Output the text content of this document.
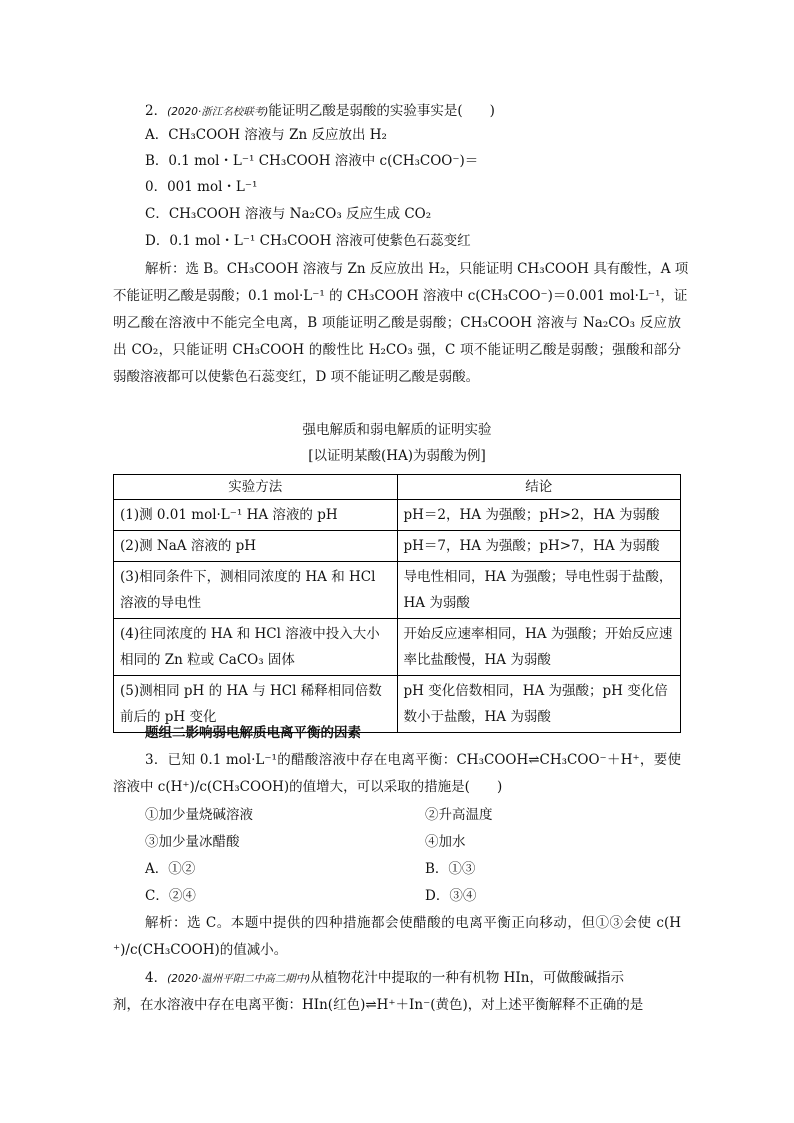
2．(2020·浙江名校联考)能证明乙酸是弱酸的实验事实是(　　)
A．CH₃COOH 溶液与 Zn 反应放出 H₂
B．0.1 mol・L⁻¹ CH₃COOH 溶液中 c(CH₃COO⁻)＝
0．001 mol・L⁻¹
C．CH₃COOH 溶液与 Na₂CO₃ 反应生成 CO₂
D．0.1 mol・L⁻¹ CH₃COOH 溶液可使紫色石蕊变红
解析：选 B。CH₃COOH 溶液与 Zn 反应放出 H₂，只能证明 CH₃COOH 具有酸性，A 项
不能证明乙酸是弱酸；0.1 mol·L⁻¹ 的 CH₃COOH 溶液中 c(CH₃COO⁻)＝0.001 mol·L⁻¹，证
明乙酸在溶液中不能完全电离，B 项能证明乙酸是弱酸；CH₃COOH 溶液与 Na₂CO₃ 反应放
出 CO₂，只能证明 CH₃COOH 的酸性比 H₂CO₃ 强，C 项不能证明乙酸是弱酸；强酸和部分
弱酸溶液都可以使紫色石蕊变红，D 项不能证明乙酸是弱酸。
强电解质和弱电解质的证明实验
[以证明某酸(HA)为弱酸为例]
实验方法	结论
(1)测 0.01 mol·L⁻¹ HA 溶液的 pH	pH＝2，HA 为强酸；pH>2，HA 为弱酸
(2)测 NaA 溶液的 pH	pH＝7，HA 为强酸；pH>7，HA 为弱酸
(3)相同条件下，测相同浓度的 HA 和 HCl 溶液的导电性	导电性相同，HA 为强酸；导电性弱于盐酸，HA 为弱酸
(4)往同浓度的 HA 和 HCl 溶液中投入大小相同的 Zn 粒或 CaCO₃ 固体	开始反应速率相同，HA 为强酸；开始反应速率比盐酸慢，HA 为弱酸
(5)测相同 pH 的 HA 与 HCl 稀释相同倍数前后的 pH 变化	pH 变化倍数相同，HA 为强酸；pH 变化倍数小于盐酸，HA 为弱酸
题组二影响弱电解质电离平衡的因素
3．已知 0.1 mol·L⁻¹的醋酸溶液中存在电离平衡：CH₃COOH⇌CH₃COO⁻＋H⁺，要使
溶液中 c(H⁺)/c(CH₃COOH)的值增大，可以采取的措施是(　　)
①加少量烧碱溶液	②升高温度
③加少量冰醋酸	④加水
A．①②	B．①③
C．②④	D．③④
解析：选 C。本题中提供的四种措施都会使醋酸的电离平衡正向移动，但①③会使 c(H
⁺)/c(CH₃COOH)的值减小。
4．(2020·温州平阳二中高二期中)从植物花汁中提取的一种有机物 HIn，可做酸碱指示
剂，在水溶液中存在电离平衡：HIn(红色)⇌H⁺＋In⁻(黄色)，对上述平衡解释不正确的是
